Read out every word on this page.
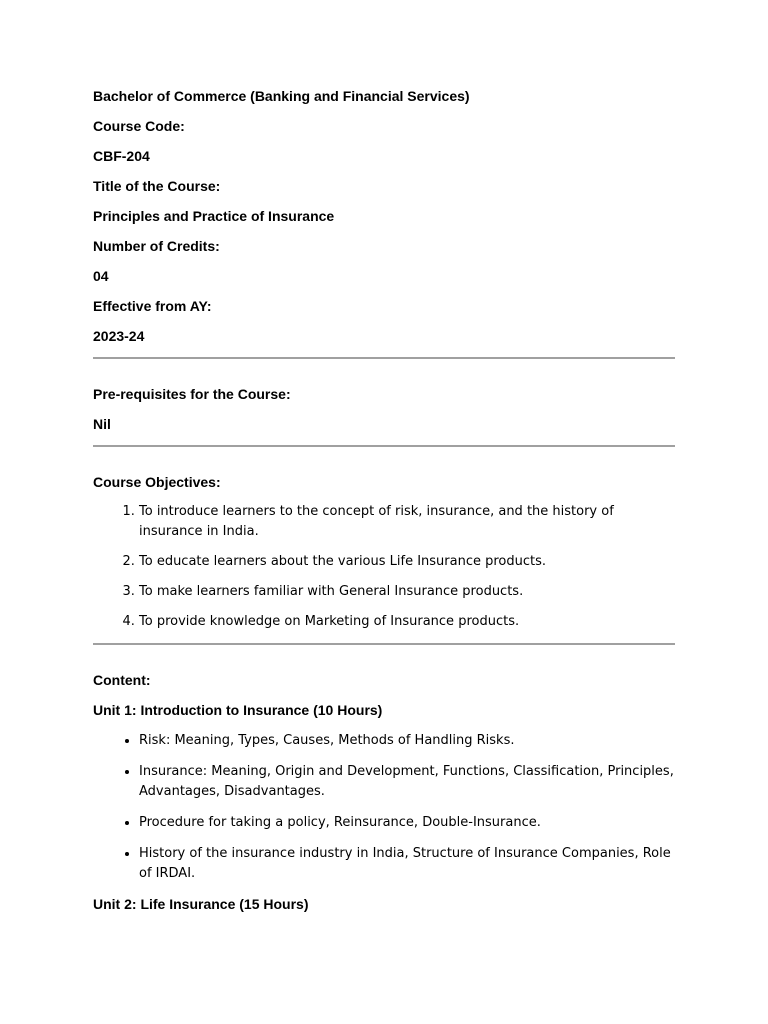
Bachelor of Commerce (Banking and Financial Services)
Course Code:
CBF-204
Title of the Course:
Principles and Practice of Insurance
Number of Credits:
04
Effective from AY:
2023-24
Pre-requisites for the Course:
Nil
Course Objectives:
1. To introduce learners to the concept of risk, insurance, and the history of insurance in India.
2. To educate learners about the various Life Insurance products.
3. To make learners familiar with General Insurance products.
4. To provide knowledge on Marketing of Insurance products.
Content:
Unit 1: Introduction to Insurance (10 Hours)
• Risk: Meaning, Types, Causes, Methods of Handling Risks.
• Insurance: Meaning, Origin and Development, Functions, Classification, Principles, Advantages, Disadvantages.
• Procedure for taking a policy, Reinsurance, Double-Insurance.
• History of the insurance industry in India, Structure of Insurance Companies, Role of IRDAI.
Unit 2: Life Insurance (15 Hours)
